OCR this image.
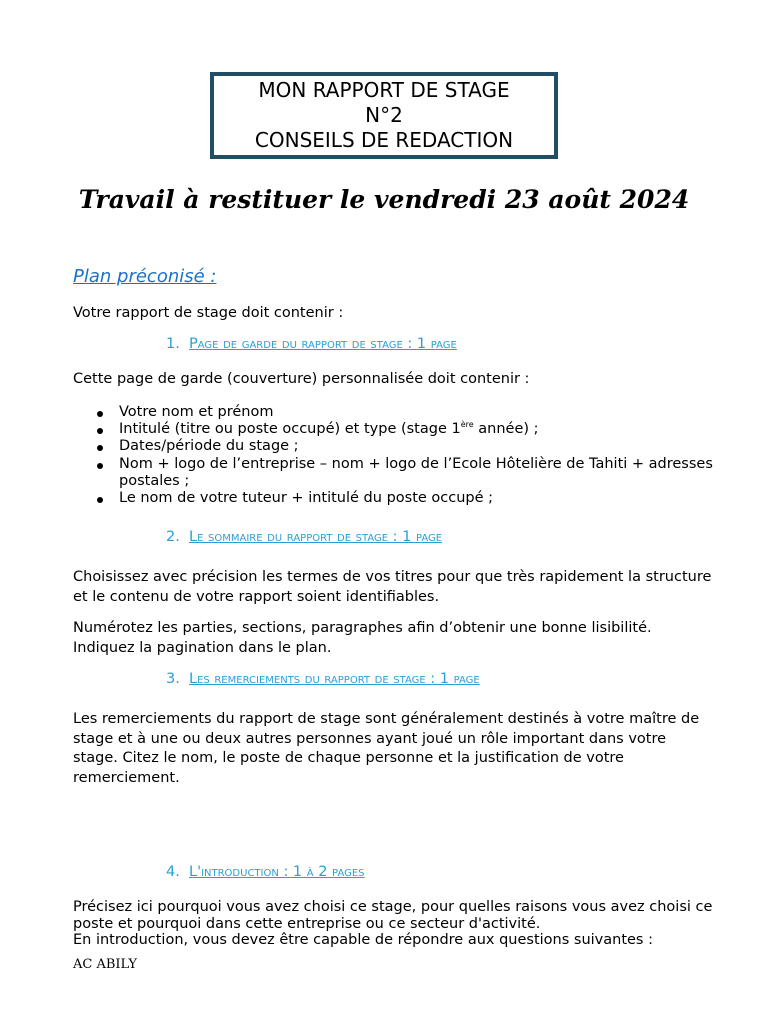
MON RAPPORT DE STAGE
N°2
CONSEILS DE REDACTION
Travail à restituer le vendredi 23 août 2024
Plan préconisé :
Votre rapport de stage doit contenir :
1. Page de garde du rapport de stage : 1 page
Cette page de garde (couverture) personnalisée doit contenir :
Votre nom et prénom
Intitulé (titre ou poste occupé) et type (stage 1ère année) ;
Dates/période du stage ;
Nom + logo de l’entreprise – nom + logo de l’Ecole Hôtelière de Tahiti + adresses postales ;
Le nom de votre tuteur + intitulé du poste occupé ;
2. Le sommaire du rapport de stage : 1 page
Choisissez avec précision les termes de vos titres pour que très rapidement la structure et le contenu de votre rapport soient identifiables.
Numérotez les parties, sections, paragraphes afin d’obtenir une bonne lisibilité. Indiquez la pagination dans le plan.
3. Les remerciements du rapport de stage : 1 page
Les remerciements du rapport de stage sont généralement destinés à votre maître de stage et à une ou deux autres personnes ayant joué un rôle important dans votre stage. Citez le nom, le poste de chaque personne et la justification de votre remerciement.
4. L'introduction : 1 à 2 pages
Précisez ici pourquoi vous avez choisi ce stage, pour quelles raisons vous avez choisi ce poste et pourquoi dans cette entreprise ou ce secteur d'activité.
En introduction, vous devez être capable de répondre aux questions suivantes :
AC ABILY
